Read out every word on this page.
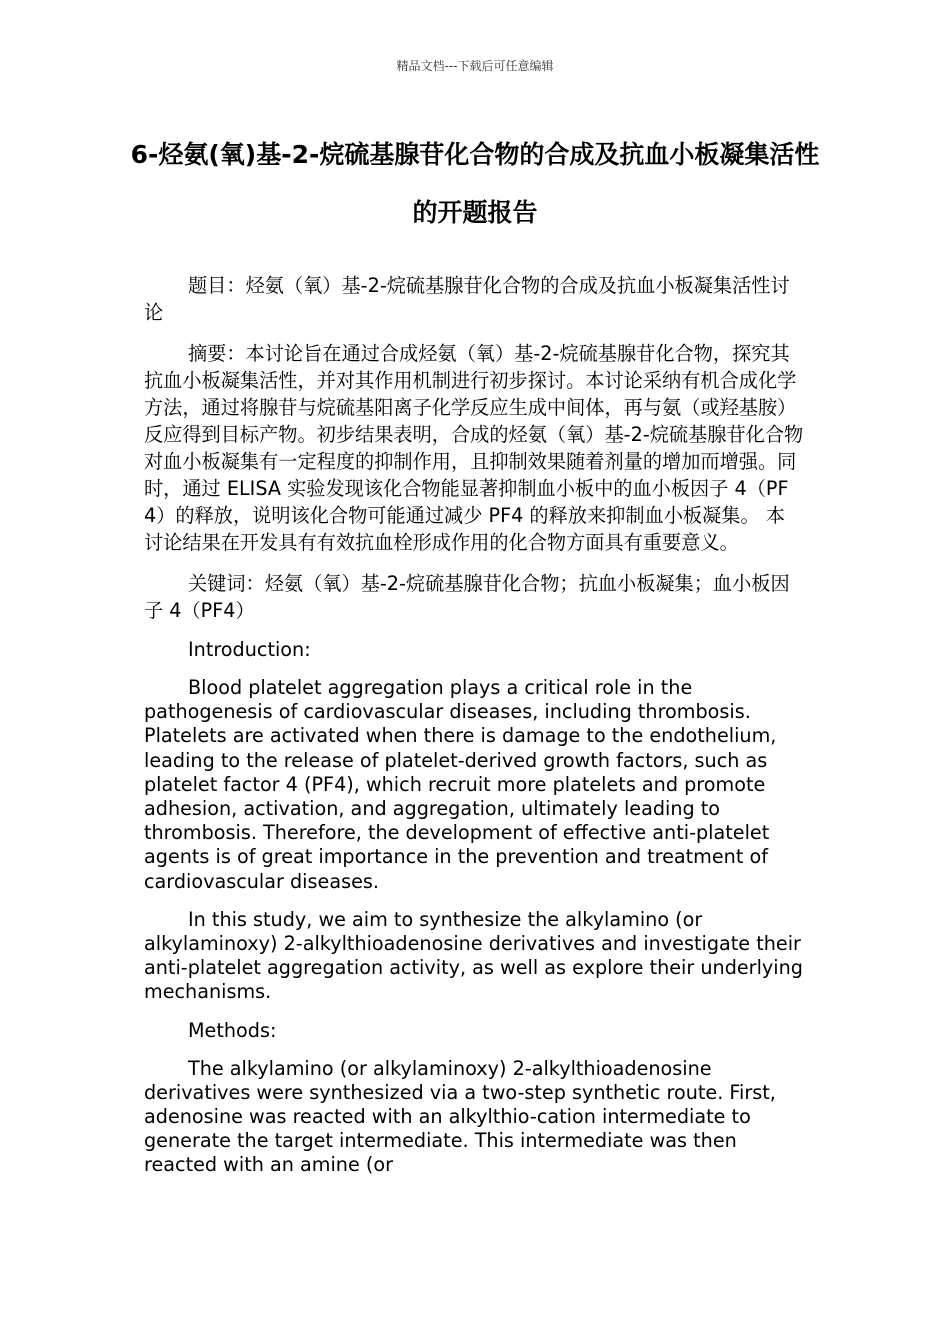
精品文档---下载后可任意编辑
6-烃氨(氧)基-2-烷硫基腺苷化合物的合成及抗血小板凝集活性的开题报告

题目：烃氨（氧）基-2-烷硫基腺苷化合物的合成及抗血小板凝集活性讨论

摘要：本讨论旨在通过合成烃氨（氧）基-2-烷硫基腺苷化合物，探究其抗血小板凝集活性，并对其作用机制进行初步探讨。本讨论采纳有机合成化学方法，通过将腺苷与烷硫基阳离子化学反应生成中间体，再与氨（或羟基胺）反应得到目标产物。初步结果表明，合成的烃氨（氧）基-2-烷硫基腺苷化合物对血小板凝集有一定程度的抑制作用，且抑制效果随着剂量的增加而增强。同时，通过 ELISA 实验发现该化合物能显著抑制血小板中的血小板因子 4（PF4）的释放，说明该化合物可能通过减少 PF4 的释放来抑制血小板凝集。 本讨论结果在开发具有有效抗血栓形成作用的化合物方面具有重要意义。

关键词：烃氨（氧）基-2-烷硫基腺苷化合物；抗血小板凝集；血小板因子 4（PF4）

Introduction:

Blood platelet aggregation plays a critical role in the pathogenesis of cardiovascular diseases, including thrombosis. Platelets are activated when there is damage to the endothelium, leading to the release of platelet-derived growth factors, such as platelet factor 4 (PF4), which recruit more platelets and promote adhesion, activation, and aggregation, ultimately leading to thrombosis. Therefore, the development of effective anti-platelet agents is of great importance in the prevention and treatment of cardiovascular diseases.

In this study, we aim to synthesize the alkylamino (or alkylaminoxy) 2-alkylthioadenosine derivatives and investigate their anti-platelet aggregation activity, as well as explore their underlying mechanisms.

Methods:

The alkylamino (or alkylaminoxy) 2-alkylthioadenosine derivatives were synthesized via a two-step synthetic route. First, adenosine was reacted with an alkylthio-cation intermediate to generate the target intermediate. This intermediate was then reacted with an amine (or
